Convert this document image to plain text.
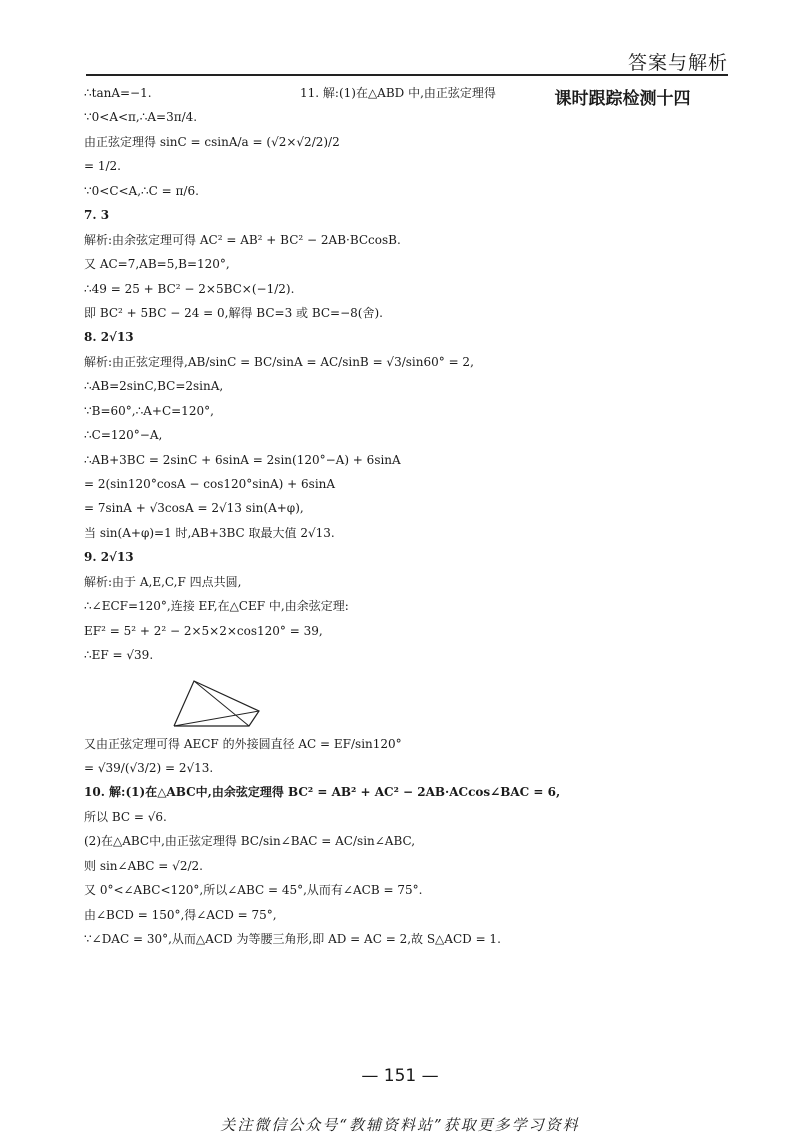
答案与解析
∴tanA=−1.
∵0<A<π,∴A=3π/4.
由正弦定理得 sinC = csinA/a = (√2×√2/2)/2
= 1/2.
∵0<C<A,∴C = π/6.
7. 3
解析:由余弦定理可得 AC² = AB² + BC² − 2AB·BCcosB.
又 AC=7,AB=5,B=120°,
∴49 = 25 + BC² − 2×5BC×(−1/2).
即 BC² + 5BC − 24 = 0,解得 BC=3 或 BC=−8(舍).
8. 2√13
解析:由正弦定理得,AB/sinC = BC/sinA = AC/sinB = √3/sin60° = 2,
∴AB=2sinC,BC=2sinA,
∵B=60°,∴A+C=120°,
∴C=120°−A,
∴AB+3BC = 2sinC + 6sinA = 2sin(120°−A) + 6sinA
= 2(sin120°cosA − cos120°sinA) + 6sinA
= 7sinA + √3cosA = 2√13 sin(A+φ),
当 sin(A+φ)=1 时,AB+3BC 取最大值 2√13.
9. 2√13
解析:由于 A,E,C,F 四点共圆,
∴∠ECF=120°,连接 EF,在△CEF 中,由余弦定理:
EF² = 5² + 2² − 2×5×2×cos120° = 39,
∴EF = √39.
又由正弦定理可得 AECF 的外接圆直径 AC = EF/sin120°
= √39/(√3/2) = 2√13.
10. 解:(1)在△ABC中,由余弦定理得 BC² = AB² + AC² − 2AB·ACcos∠BAC = 6,
所以 BC = √6.
(2)在△ABC中,由正弦定理得 BC/sin∠BAC = AC/sin∠ABC,
则 sin∠ABC = √2/2.
又 0°<∠ABC<120°,所以∠ABC = 45°,从而有∠ACB = 75°.
由∠BCD = 150°,得∠ACD = 75°,
∵∠DAC = 30°,从而△ACD 为等腰三角形,即 AD = AC = 2,故 S△ACD = 1.
11. 解:(1)在△ABD 中,由正弦定理得	课时跟踪检测十四
— 151 —
关注微信公众号“教辅资料站”获取更多学习资料
